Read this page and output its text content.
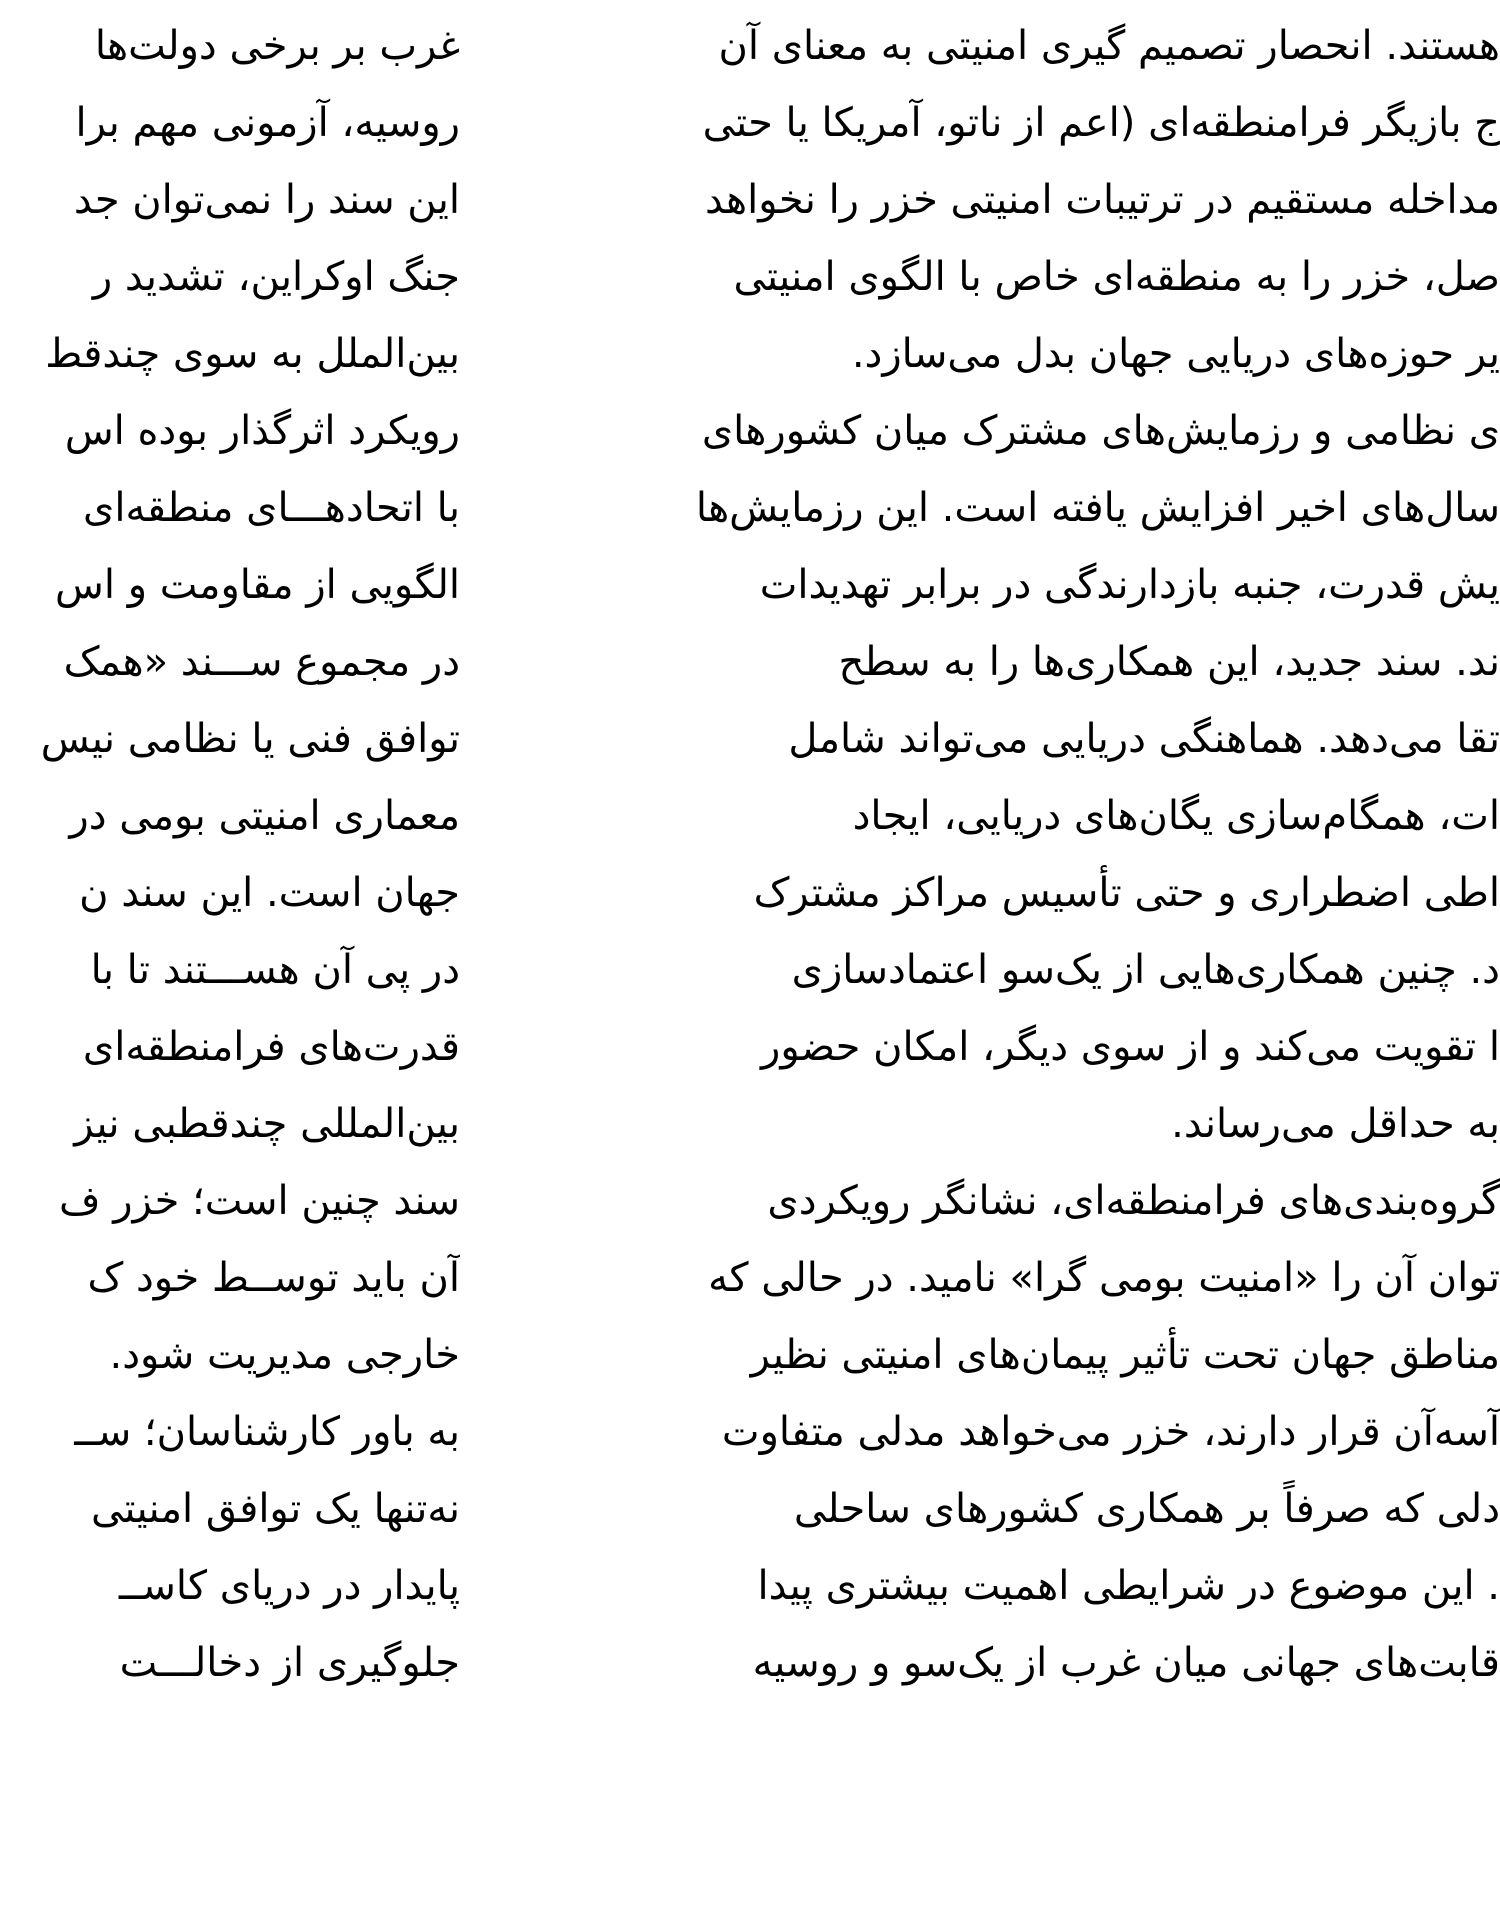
هستند. انحصار تصمیم گیری امنیتی به معنای آن
ج بازیگر فرامنطقه‌ای (اعم از ناتو، آمریکا یا حتی
مداخله مستقیم در ترتیبات امنیتی خزر را نخواهد
صل، خزر را به منطقه‌ای خاص با الگوی امنیتی
یر حوزه‌های دریایی جهان بدل می‌سازد.
ی نظامی و رزمایش‌های مشترک میان کشورهای
سال‌های اخیر افزایش یافته است. این رزمایش‌ها
یش قدرت، جنبه بازدارندگی در برابر تهدیدات
ند. سند جدید، این همکاری‌ها را به سطح
تقا می‌دهد. هماهنگی دریایی می‌تواند شامل
ات، همگام‌سازی یگان‌های دریایی، ایجاد
اطی اضطراری و حتی تأسیس مراکز مشترک
د. چنین همکاری‌هایی از یک‌سو اعتمادسازی
ا تقویت می‌کند و از سوی دیگر، امکان حضور
به حداقل می‌رساند.
گروه‌بندی‌های فرامنطقه‌ای، نشانگر رویکردی
توان آن را «امنیت بومی گرا» نامید. در حالی که
مناطق جهان تحت تأثیر پیمان‌های امنیتی نظیر
آسه‌آن قرار دارند، خزر می‌خواهد مدلی متفاوت
دلی که صرفاً بر همکاری کشورهای ساحلی
. این موضوع در شرایطی اهمیت بیشتری پیدا
قابت‌های جهانی میان غرب از یک‌سو و روسیه
غرب بر برخی دولت‌ها
روسیه، آزمونی مهم برا
این سند را نمی‌توان جد
جنگ اوکراین، تشدید ر
بین‌الملل به سوی چندقط
رویکرد اثرگذار بوده اس
با اتحادهـــای منطقه‌ای
الگویی از مقاومت و اس
در مجموع ســـند «همک
توافق فنی یا نظامی نیس
معماری امنیتی بومی در
جهان است. این سند ن
در پی آن هســـتند تا با
قدرت‌های فرامنطقه‌ای
بین‌المللی چندقطبی نیز
سند چنین است؛ خزر ف
آن باید توســط خود ک
خارجی مدیریت شود.
به باور کارشناسان؛ ســ
نه‌تنها یک توافق امنیتی
پایدار در دریای کاســ
جلوگیری از دخالـــت
